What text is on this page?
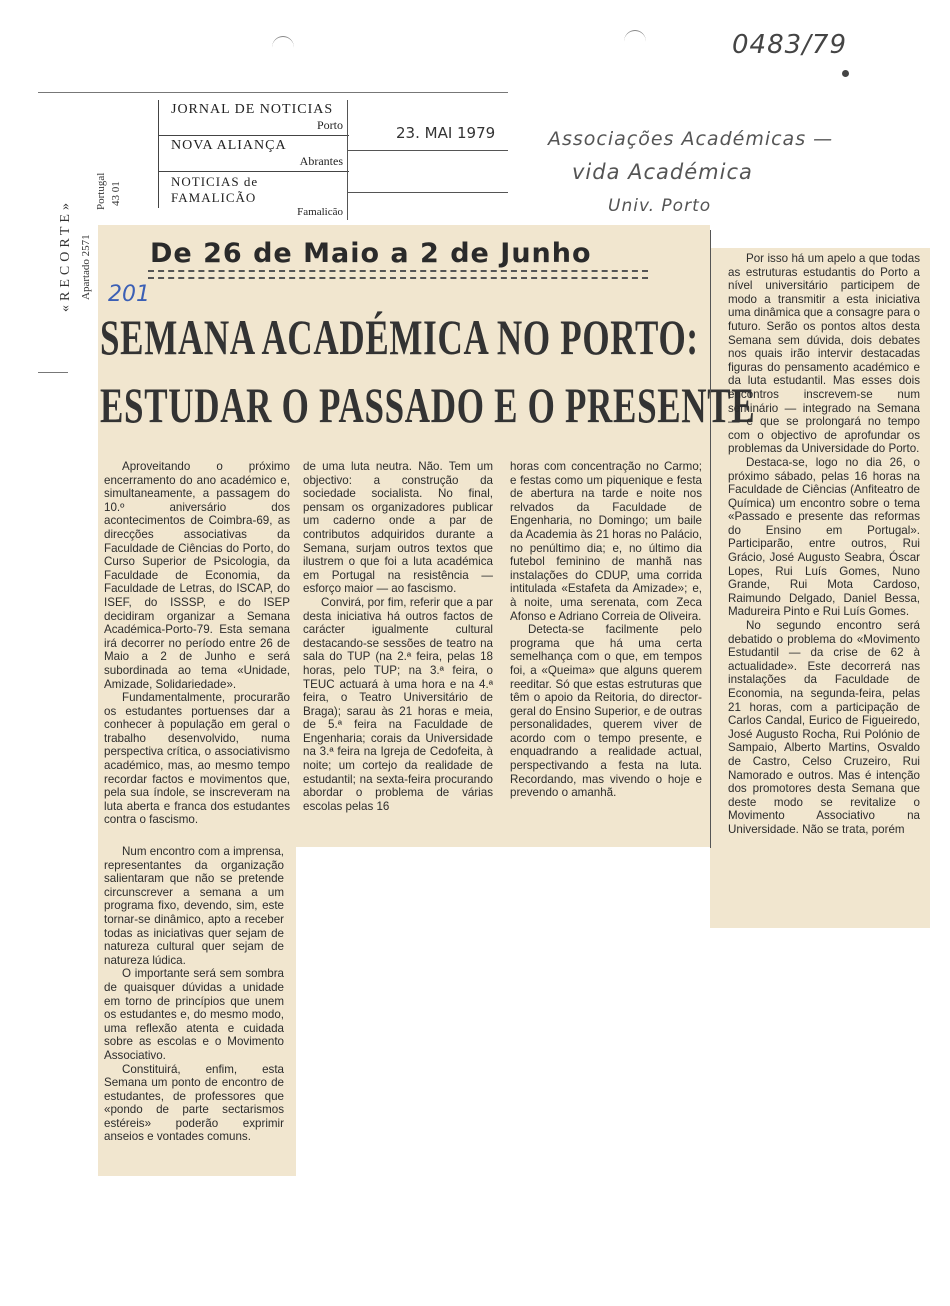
0483/79
Associações Académicas —
vida Académica
Univ. Porto
«RECORTE» Apartado 2571
Portugal 43 01
JORNAL DE NOTICIAS
Porto
NOVA ALIANÇA
Abrantes
NOTICIAS de FAMALICÃO
Famalicão
23. MAI 1979
De 26 de Maio a 2 de Junho
201
SEMANA ACADÉMICA NO PORTO:
ESTUDAR O PASSADO E O PRESENTE

Aproveitando o próximo encerramento do ano académico e, simultaneamente, a passagem do 10.º aniversário dos acontecimentos de Coimbra-69, as direcções associativas da Faculdade de Ciências do Porto, do Curso Superior de Psicologia, da Faculdade de Economia, da Faculdade de Letras, do ISCAP, do ISEF, do ISSSP, e do ISEP decidiram organizar a Semana Académica-Porto-79. Esta semana irá decorrer no período entre 26 de Maio a 2 de Junho e será subordinada ao tema «Unidade, Amizade, Solidariedade».

Fundamentalmente, procurarão os estudantes portuenses dar a conhecer à população em geral o trabalho desenvolvido, numa perspectiva crítica, o associativismo académico, mas, ao mesmo tempo recordar factos e movimentos que, pela sua índole, se inscreveram na luta aberta e franca dos estudantes contra o fascismo.

Num encontro com a imprensa, representantes da organização salientaram que não se pretende circunscrever a semana a um programa fixo, devendo, sim, este tornar-se dinâmico, apto a receber todas as iniciativas quer sejam de natureza cultural quer sejam de natureza lúdica.

O importante será sem sombra de quaisquer dúvidas a unidade em torno de princípios que unem os estudantes e, do mesmo modo, uma reflexão atenta e cuidada sobre as escolas e o Movimento Associativo.

Constituirá, enfim, esta Semana um ponto de encontro de estudantes, de professores que «pondo de parte sectarismos estéreis» poderão exprimir anseios e vontades comuns.

de uma luta neutra. Não. Tem um objectivo: a construção da sociedade socialista. No final, pensam os organizadores publicar um caderno onde a par de contributos adquiridos durante a Semana, surjam outros textos que ilustrem o que foi a luta académica em Portugal na resistência — esforço maior — ao fascismo.

Convirá, por fim, referir que a par desta iniciativa há outros factos de carácter igualmente cultural destacando-se sessões de teatro na sala do TUP (na 2.ª feira, pelas 18 horas, pelo TUP; na 3.ª feira, o TEUC actuará à uma hora e na 4.ª feira, o Teatro Universitário de Braga); sarau às 21 horas e meia, de 5.ª feira na Faculdade de Engenharia; corais da Universidade na 3.ª feira na Igreja de Cedofeita, à noite; um cortejo da realidade de estudantil; na sexta-feira procurando abordar o problema de várias escolas pelas 16

horas com concentração no Carmo; e festas como um piquenique e festa de abertura na tarde e noite nos relvados da Faculdade de Engenharia, no Domingo; um baile da Academia às 21 horas no Palácio, no penúltimo dia; e, no último dia futebol feminino de manhã nas instalações do CDUP, uma corrida intitulada «Estafeta da Amizade»; e, à noite, uma serenata, com Zeca Afonso e Adriano Correia de Oliveira.

Detecta-se facilmente pelo programa que há uma certa semelhança com o que, em tempos foi, a «Queima» que alguns querem reeditar. Só que estas estruturas que têm o apoio da Reitoria, do director-geral do Ensino Superior, e de outras personalidades, querem viver de acordo com o tempo presente, e enquadrando a realidade actual, perspectivando a festa na luta. Recordando, mas vivendo o hoje e prevendo o amanhã.

Por isso há um apelo a que todas as estruturas estudantis do Porto a nível universitário participem de modo a transmitir a esta iniciativa uma dinâmica que a consagre para o futuro. Serão os pontos altos desta Semana sem dúvida, dois debates nos quais irão intervir destacadas figuras do pensamento académico e da luta estudantil. Mas esses dois encontros inscrevem-se num seminário — integrado na Semana — e que se prolongará no tempo com o objectivo de aprofundar os problemas da Universidade do Porto.

Destaca-se, logo no dia 26, o próximo sábado, pelas 16 horas na Faculdade de Ciências (Anfiteatro de Química) um encontro sobre o tema «Passado e presente das reformas do Ensino em Portugal». Participarão, entre outros, Rui Grácio, José Augusto Seabra, Óscar Lopes, Rui Luís Gomes, Nuno Grande, Rui Mota Cardoso, Raimundo Delgado, Daniel Bessa, Madureira Pinto e Rui Luís Gomes.

No segundo encontro será debatido o problema do «Movimento Estudantil — da crise de 62 à actualidade». Este decorrerá nas instalações da Faculdade de Economia, na segunda-feira, pelas 21 horas, com a participação de Carlos Candal, Eurico de Figueiredo, José Augusto Rocha, Rui Polónio de Sampaio, Alberto Martins, Osvaldo de Castro, Celso Cruzeiro, Rui Namorado e outros. Mas é intenção dos promotores desta Semana que deste modo se revitalize o Movimento Associativo na Universidade. Não se trata, porém
